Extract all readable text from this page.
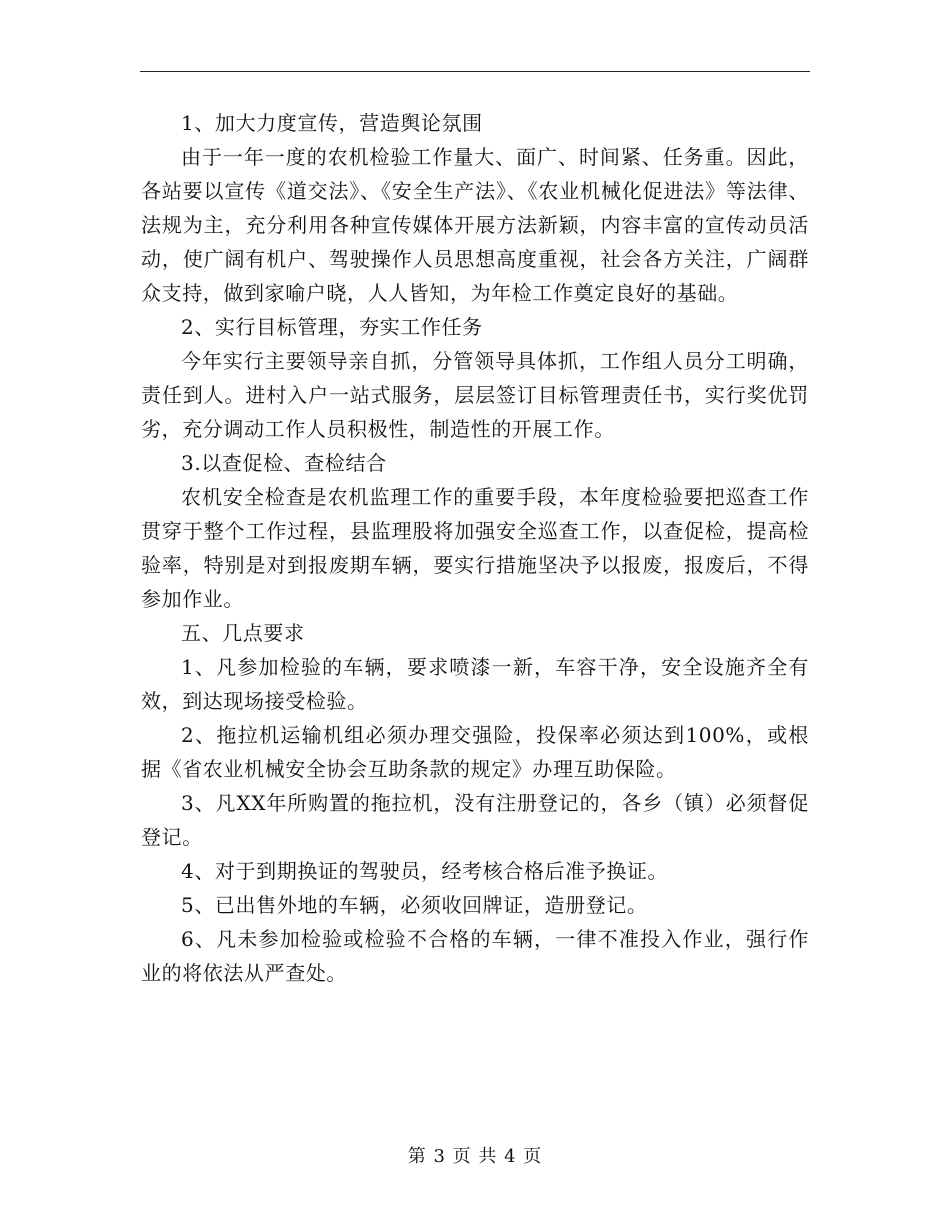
1、加大力度宣传，营造舆论氛围

由于一年一度的农机检验工作量大、面广、时间紧、任务重。因此，各站要以宣传《道交法》、《安全生产法》、《农业机械化促进法》等法律、法规为主，充分利用各种宣传媒体开展方法新颖，内容丰富的宣传动员活动，使广阔有机户、驾驶操作人员思想高度重视，社会各方关注，广阔群众支持，做到家喻户晓，人人皆知，为年检工作奠定良好的基础。

2、实行目标管理，夯实工作任务

今年实行主要领导亲自抓，分管领导具体抓，工作组人员分工明确，责任到人。进村入户一站式服务，层层签订目标管理责任书，实行奖优罚劣，充分调动工作人员积极性，制造性的开展工作。

3.以查促检、查检结合

农机安全检查是农机监理工作的重要手段，本年度检验要把巡查工作贯穿于整个工作过程，县监理股将加强安全巡查工作，以查促检，提高检验率，特别是对到报废期车辆，要实行措施坚决予以报废，报废后，不得参加作业。

五、几点要求

1、凡参加检验的车辆，要求喷漆一新，车容干净，安全设施齐全有效，到达现场接受检验。

2、拖拉机运输机组必须办理交强险，投保率必须达到100%，或根据《省农业机械安全协会互助条款的规定》办理互助保险。

3、凡XX年所购置的拖拉机，没有注册登记的，各乡（镇）必须督促登记。

4、对于到期换证的驾驶员，经考核合格后准予换证。

5、已出售外地的车辆，必须收回牌证，造册登记。

6、凡未参加检验或检验不合格的车辆，一律不准投入作业，强行作业的将依法从严查处。

第 3 页 共 4 页
